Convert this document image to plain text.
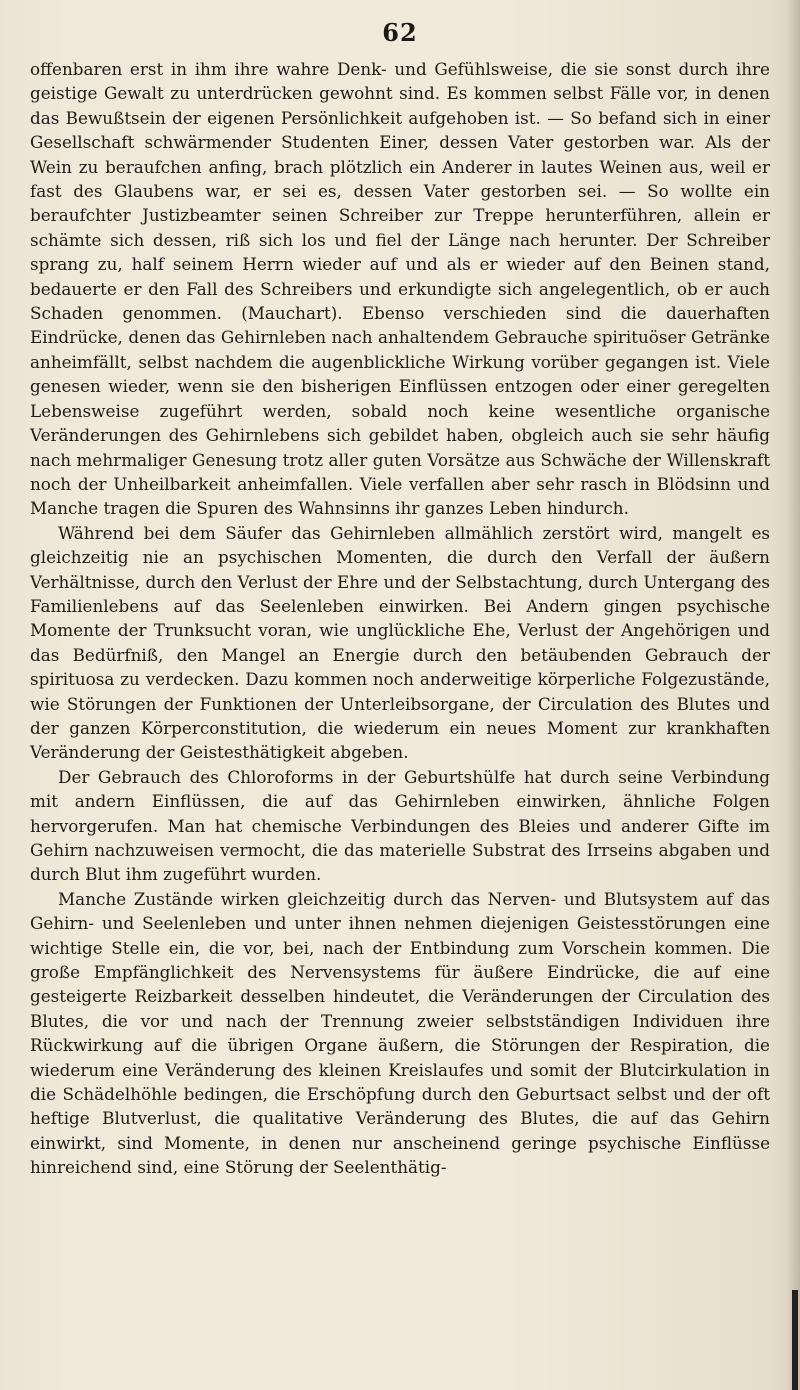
62

offenbaren erst in ihm ihre wahre Denk- und Gefühlsweise, die sie sonst durch ihre geistige Gewalt zu unterdrücken gewohnt sind. Es kommen selbst Fälle vor, in denen das Bewußtsein der eigenen Persönlichkeit aufgehoben ist. — So befand sich in einer Gesellschaft schwärmender Studenten Einer, dessen Vater gestorben war. Als der Wein zu beraufchen anfing, brach plötzlich ein Anderer in lautes Weinen aus, weil er fast des Glaubens war, er sei es, dessen Vater gestorben sei. — So wollte ein beraufchter Justizbeamter seinen Schreiber zur Treppe herunterführen, allein er schämte sich dessen, riß sich los und fiel der Länge nach herunter. Der Schreiber sprang zu, half seinem Herrn wieder auf und als er wieder auf den Beinen stand, bedauerte er den Fall des Schreibers und erkundigte sich angelegentlich, ob er auch Schaden genommen. (Mauchart). Ebenso verschieden sind die dauerhaften Eindrücke, denen das Gehirnleben nach anhaltendem Gebrauche spirituöser Getränke anheimfällt, selbst nachdem die augenblickliche Wirkung vorüber gegangen ist. Viele genesen wieder, wenn sie den bisherigen Einflüssen entzogen oder einer geregelten Lebensweise zugeführt werden, sobald noch keine wesentliche organische Veränderungen des Gehirnlebens sich gebildet haben, obgleich auch sie sehr häufig nach mehrmaliger Genesung trotz aller guten Vorsätze aus Schwäche der Willenskraft noch der Unheilbarkeit anheimfallen. Viele verfallen aber sehr rasch in Blödsinn und Manche tragen die Spuren des Wahnsinns ihr ganzes Leben hindurch.

Während bei dem Säufer das Gehirnleben allmählich zerstört wird, mangelt es gleichzeitig nie an psychischen Momenten, die durch den Verfall der äußern Verhältnisse, durch den Verlust der Ehre und der Selbstachtung, durch Untergang des Familienlebens auf das Seelenleben einwirken. Bei Andern gingen psychische Momente der Trunksucht voran, wie unglückliche Ehe, Verlust der Angehörigen und das Bedürfniß, den Mangel an Energie durch den betäubenden Gebrauch der spirituosa zu verdecken. Dazu kommen noch anderweitige körperliche Folgezustände, wie Störungen der Funktionen der Unterleibsorgane, der Circulation des Blutes und der ganzen Körperconstitution, die wiederum ein neues Moment zur krankhaften Veränderung der Geistesthätigkeit abgeben.

Der Gebrauch des Chloroforms in der Geburtshülfe hat durch seine Verbindung mit andern Einflüssen, die auf das Gehirnleben einwirken, ähnliche Folgen hervorgerufen. Man hat chemische Verbindungen des Bleies und anderer Gifte im Gehirn nachzuweisen vermocht, die das materielle Substrat des Irrseins abgaben und durch Blut ihm zugeführt wurden.

Manche Zustände wirken gleichzeitig durch das Nerven- und Blutsystem auf das Gehirn- und Seelenleben und unter ihnen nehmen diejenigen Geistesstörungen eine wichtige Stelle ein, die vor, bei, nach der Entbindung zum Vorschein kommen. Die große Empfänglichkeit des Nervensystems für äußere Eindrücke, die auf eine gesteigerte Reizbarkeit desselben hindeutet, die Veränderungen der Circulation des Blutes, die vor und nach der Trennung zweier selbstständigen Individuen ihre Rückwirkung auf die übrigen Organe äußern, die Störungen der Respiration, die wiederum eine Veränderung des kleinen Kreislaufes und somit der Blutcirkulation in die Schädelhöhle bedingen, die Erschöpfung durch den Geburtsact selbst und der oft heftige Blutverlust, die qualitative Veränderung des Blutes, die auf das Gehirn einwirkt, sind Momente, in denen nur anscheinend geringe psychische Einflüsse hinreichend sind, eine Störung der Seelenthätig-
